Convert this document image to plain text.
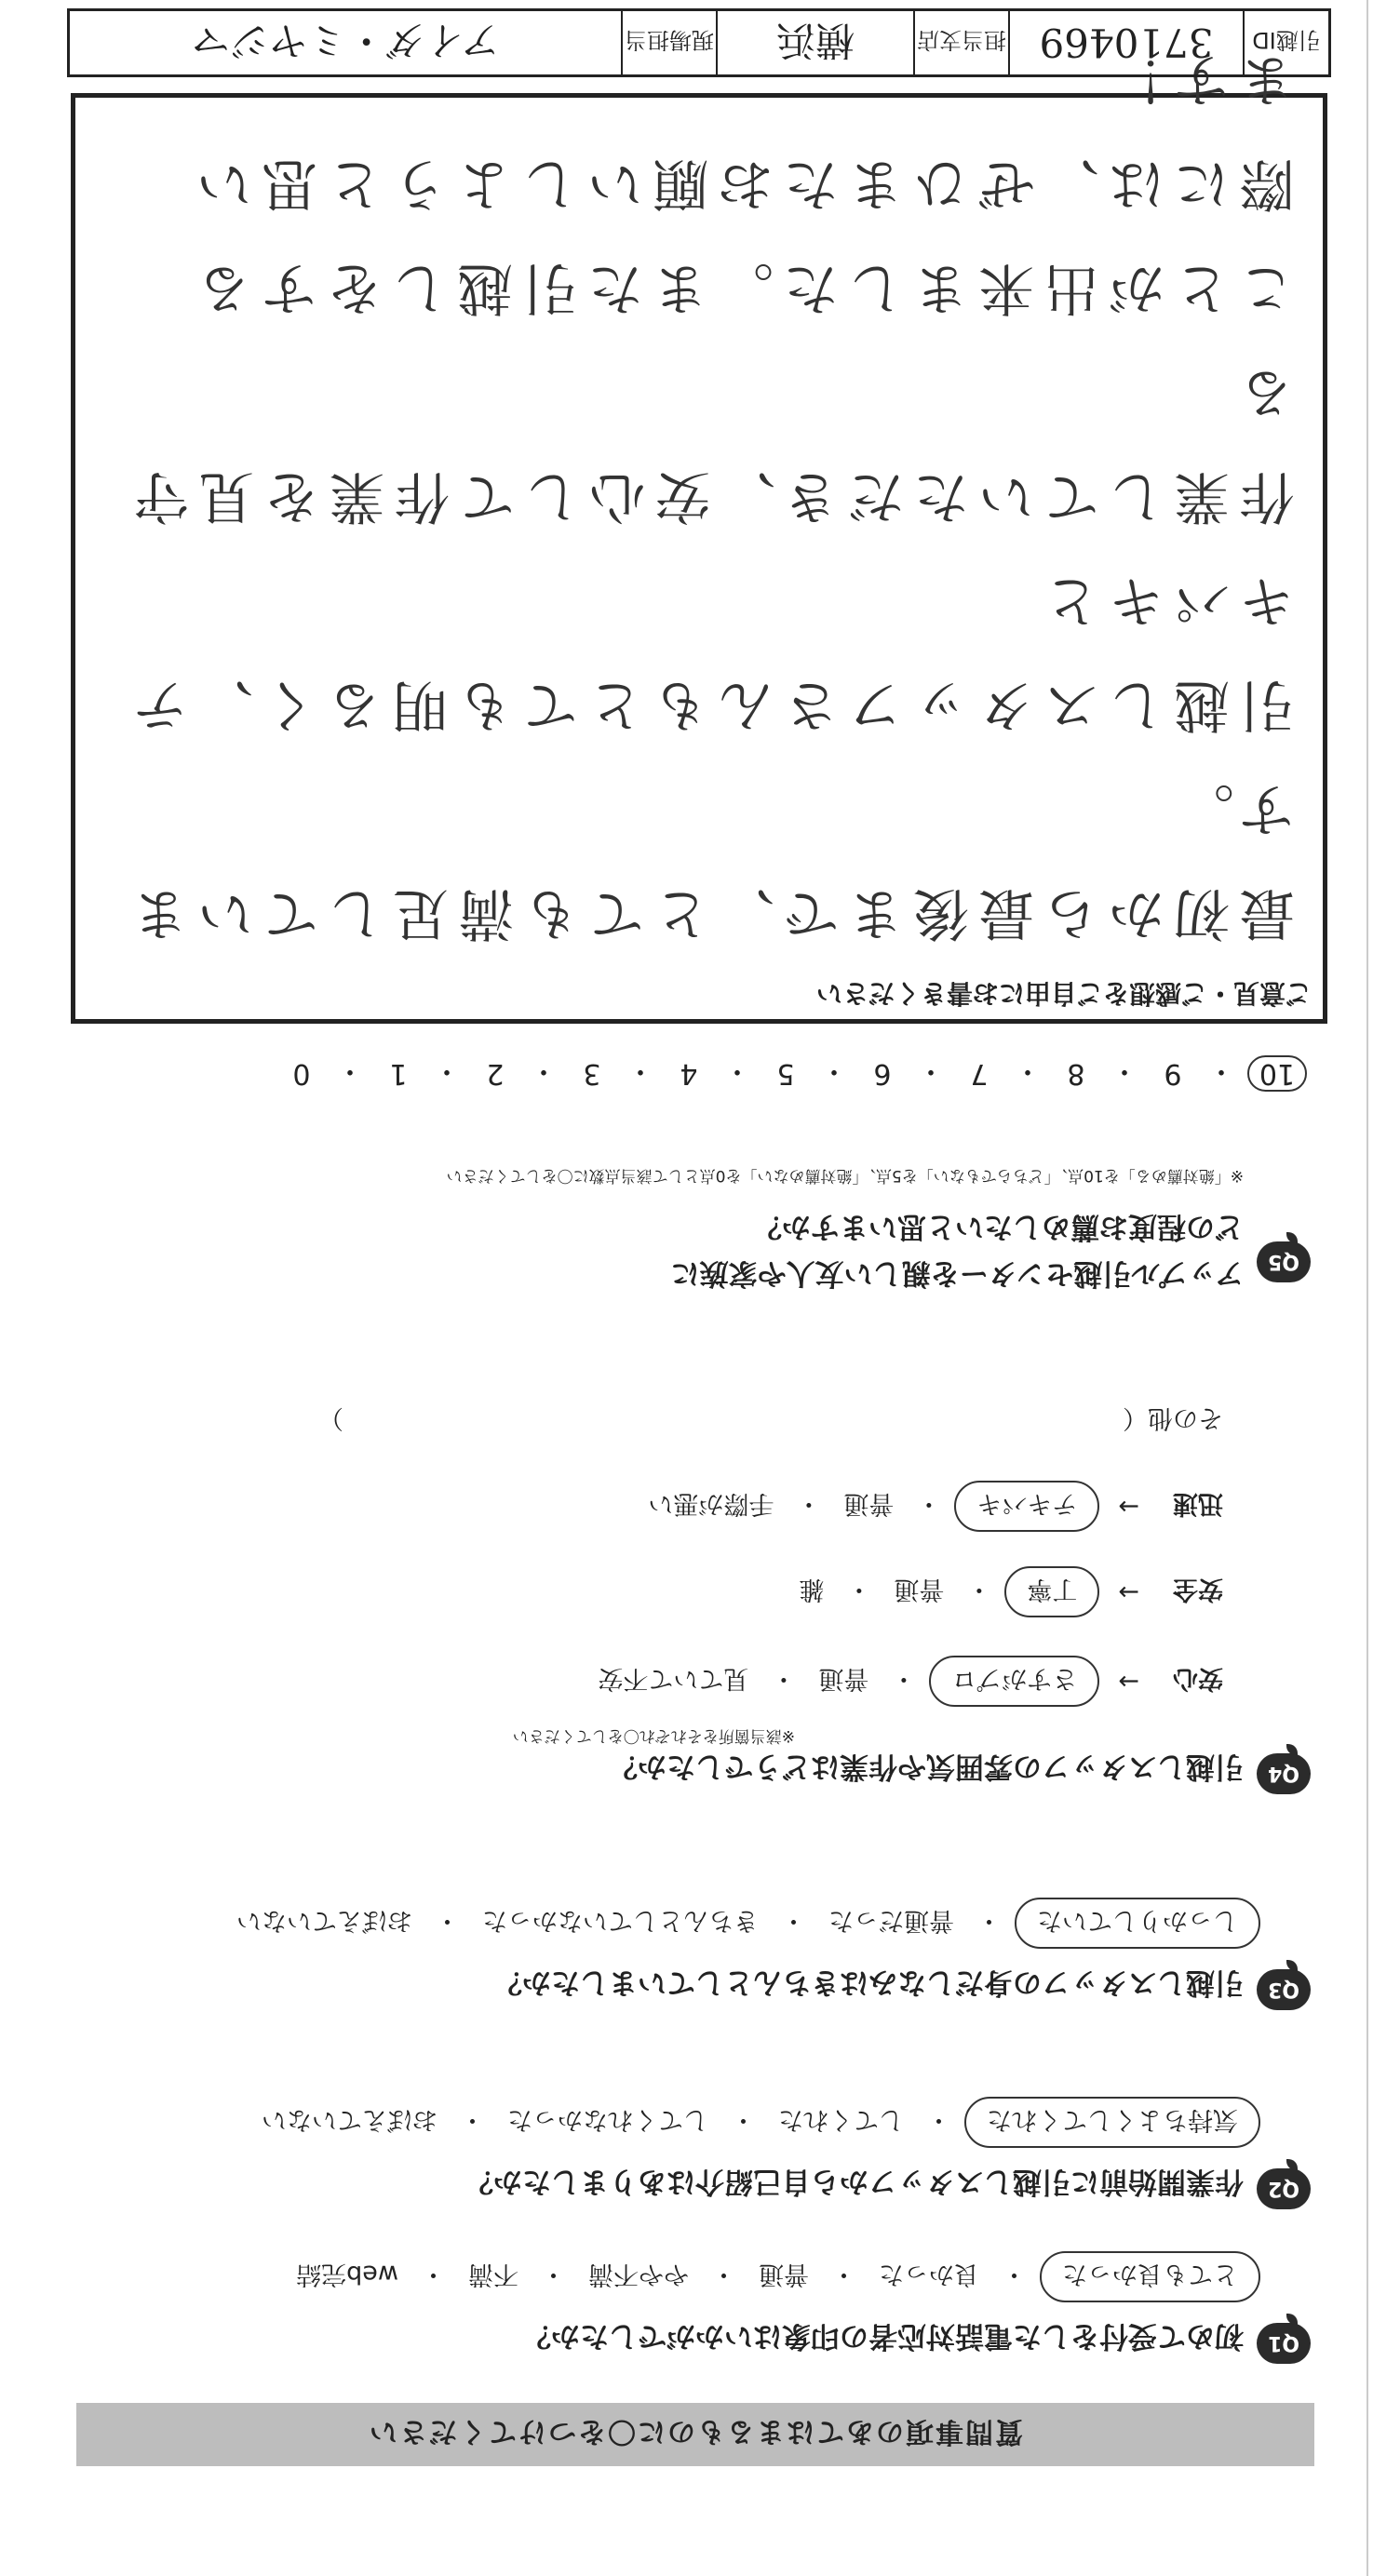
質問事項のあてはまるものに〇をつけてください
Q1
初めて受付をした電話対応者の印象はいかがでしたか？
とても良かった
・
良かった
・
普通
・
やや不満
・
不満
・
web完結
Q2
作業開始前に引越しスタッフから自己紹介はありましたか？
気持ちよくしてくれた
・
してくれた
・
してくれなかった
・
おぼえていない
Q3
引越しスタッフの身だしなみはきちんとしていましたか？
しっかりしていた
・
普通だった
・
きちんとしていなかった
・
おぼえていない
Q4
引越しスタッフの雰囲気や作業はどうでしたか？
※該当箇所をそれぞれ〇をしてください
安心
→
さすがプロ
・
普通
・
見ていて不安
安全
→
丁寧
・
普通
・
雑
迅速
→
テキパキ
・
普通
・
手際が悪い
その他（　　　　　　　　　　　　　　　　　　　　　　　　　　　　　　　）
Q5
アップル引越センターを親しい友人や家族に
どの程度お薦めしたいと思いますか？
※「絶対薦める」を10点、「どちらでもない」を5点、「絶対薦めない」を0点として該当点数に〇をしてください
10
・
9
・
8
・
7
・
6
・
5
・
4
・
3
・
2
・
1
・
0
ご意見・ご感想をご自由にお書きください
最初から最後まで、とても満足しています。
引越しスタッフさんもとても明るく、テキパキと
作業していただき、安心して作業を見守る
ことが出来ました。また引越しをする
際には、ぜひまたお願いしようと思い
ます！
引越ID
3710469
担当支店
横浜
現場担当
アイダ・ミヤジマ
